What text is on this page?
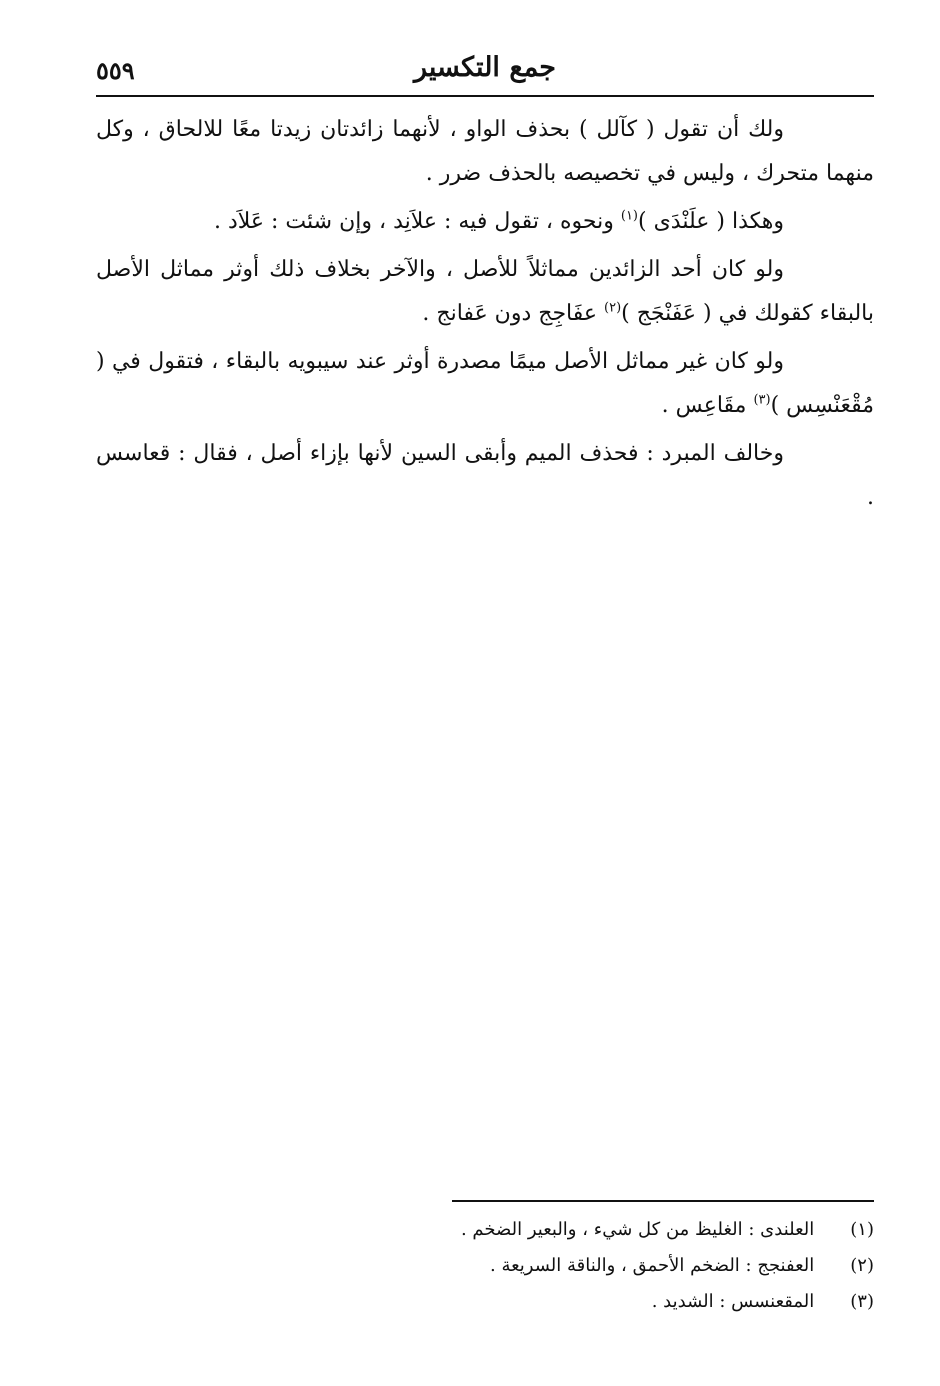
جمع التكسير
٥٥٩

ولك أن تقول ( كآلل ) بحذف الواو ، لأنهما زائدتان زيدتا معًا للالحاق ، وكل منهما متحرك ، وليس في تخصيصه بالحذف ضرر .

وهكذا ( علَنْدَى )$^{(١)}$ ونحوه ، تقول فيه : علاَنِد ، وإن شئت : عَلاَد .

ولو كان أحد الزائدين مماثلاً للأصل ، والآخر بخلاف ذلك أوثر مماثل الأصل بالبقاء كقولك في ( عَفَنْجَج )$^{(٢)}$ عفَاجِج دون عَفانج .

ولو كان غير مماثل الأصل ميمًا مصدرة أوثر عند سيبويه بالبقاء ، فتقول في ( مُقْعَنْسِس )$^{(٣)}$ مقَاعِس .

وخالف المبرد : فحذف الميم وأبقى السين لأنها بإزاء أصل ، فقال : قعاسس .

(١) العلندى : الغليظ من كل شيء ، والبعير الضخم .
(٢) العفنجج : الضخم الأحمق ، والناقة السريعة .
(٣) المقعنسس : الشديد .
